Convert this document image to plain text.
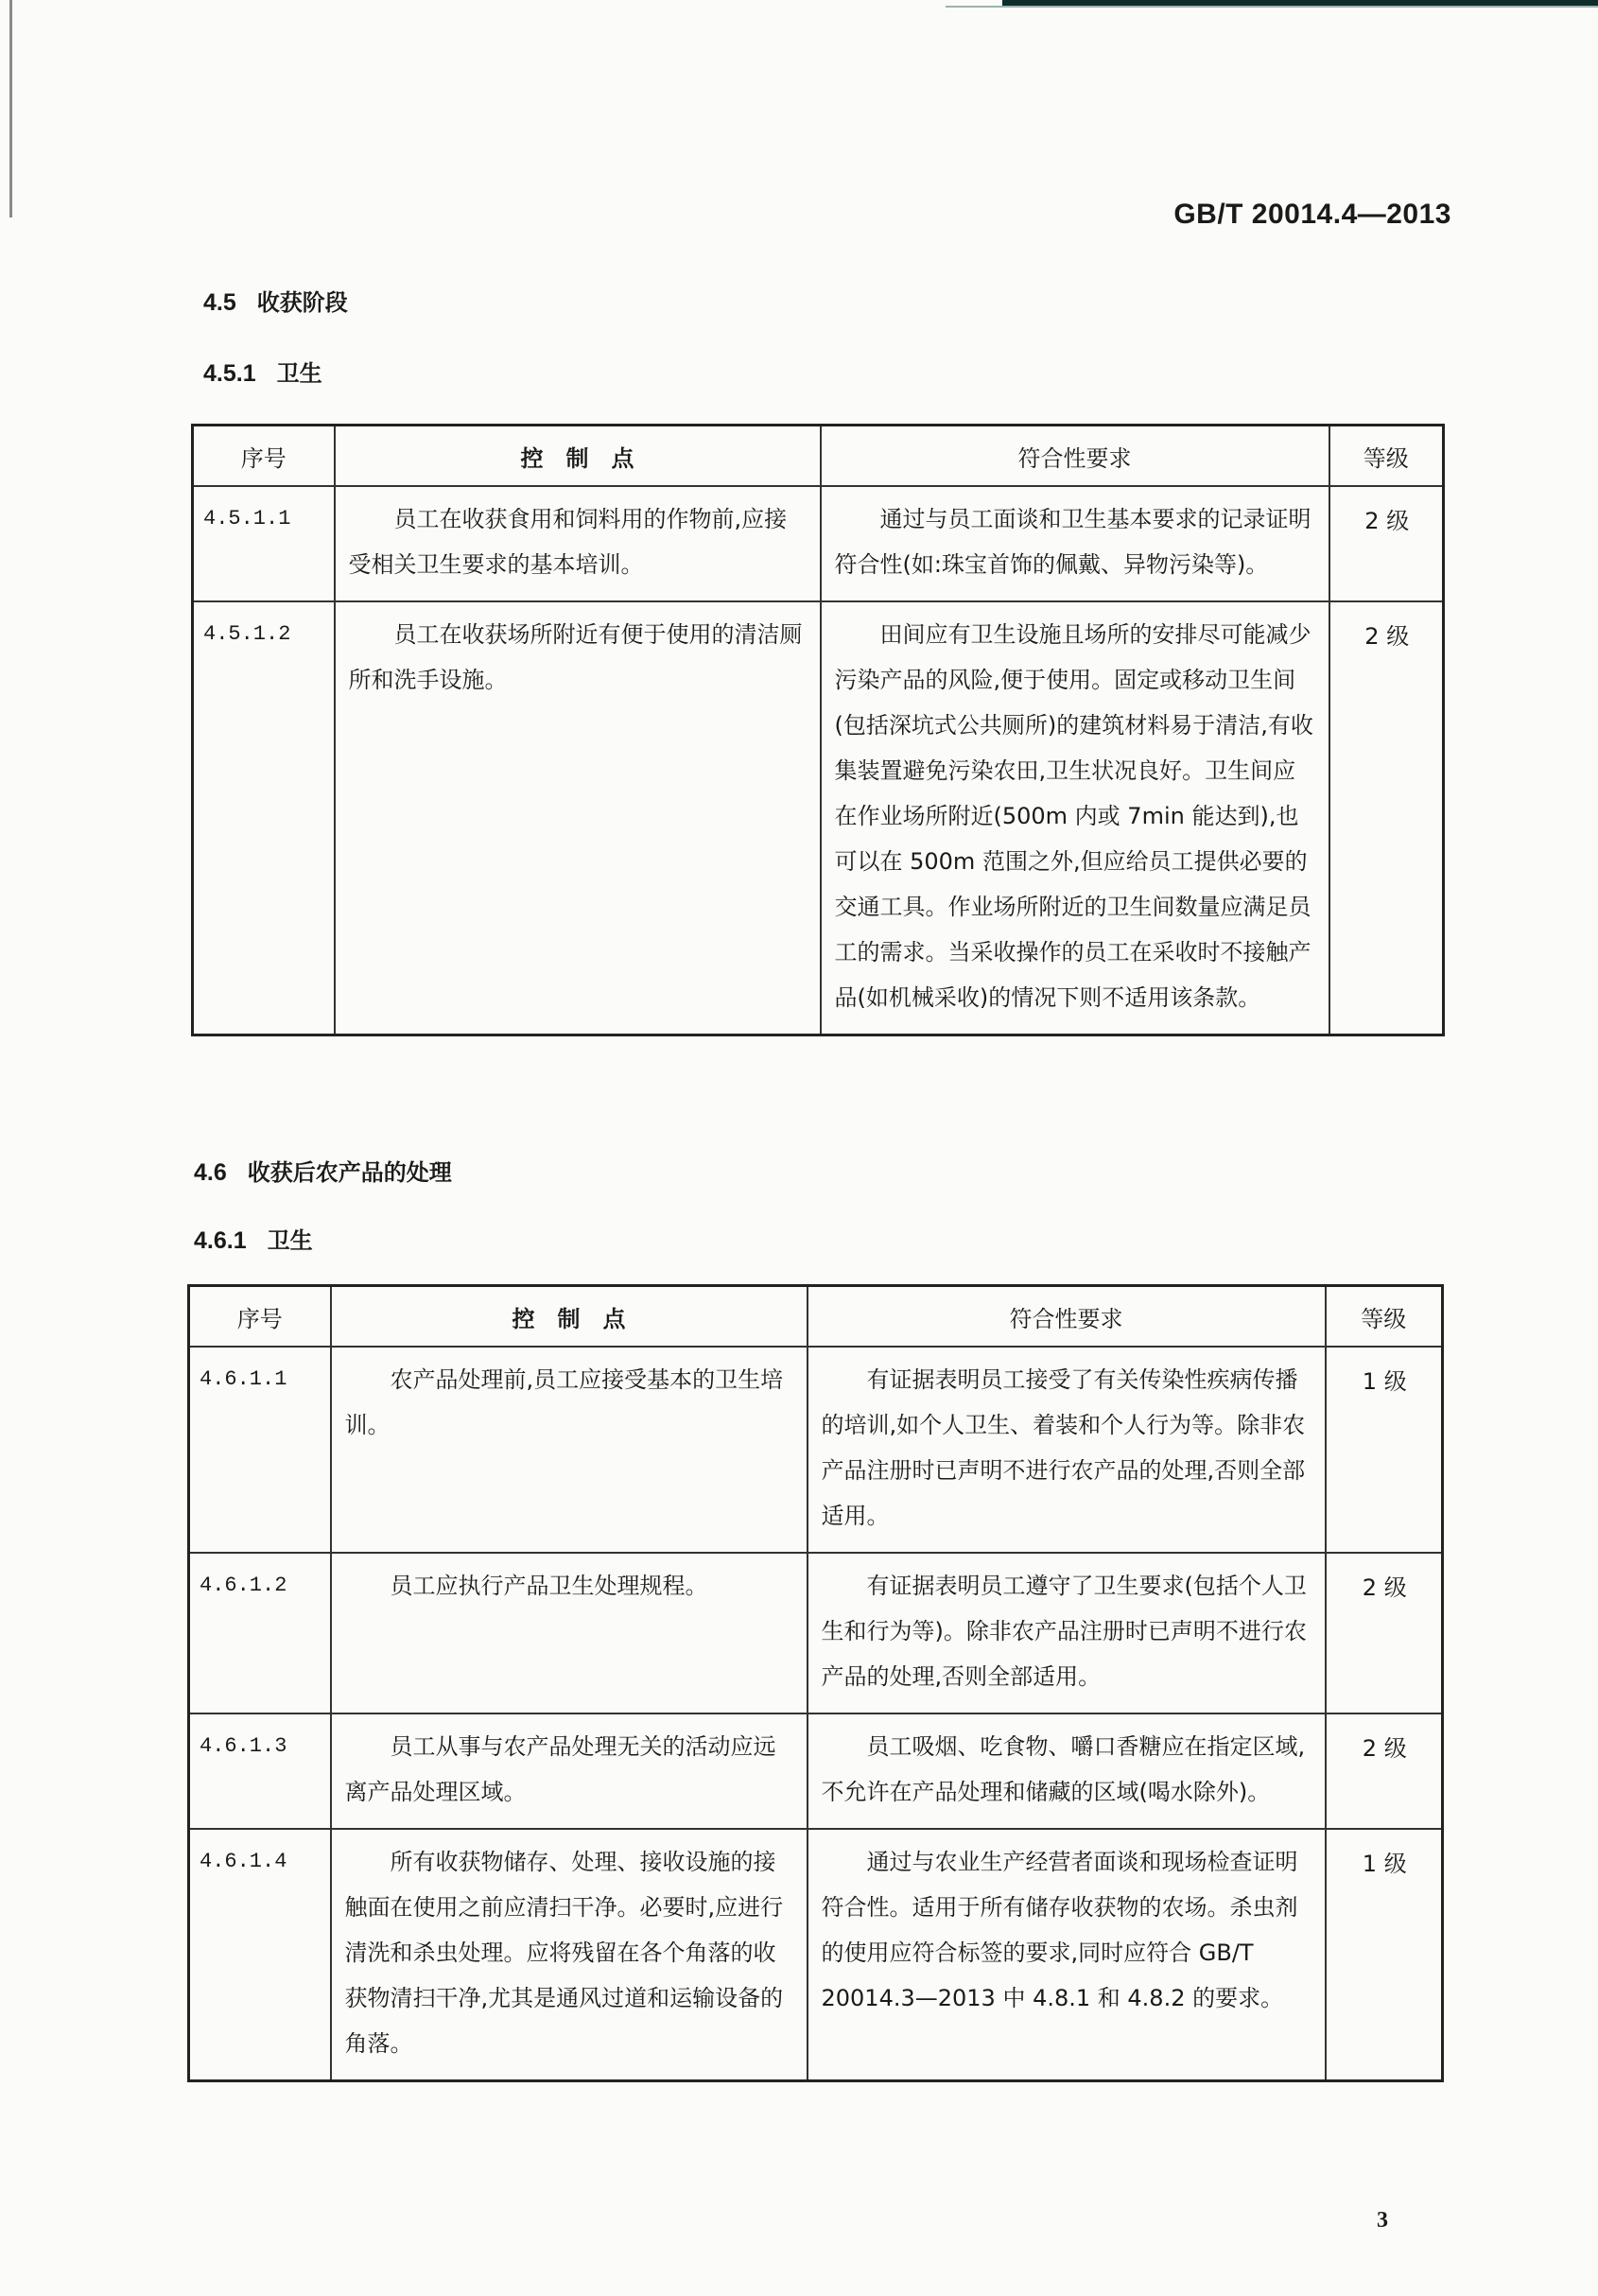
GB/T 20014.4—2013
4.5 收获阶段
4.5.1 卫生
序号	控　制　点	符合性要求	等级
4.5.1.1	员工在收获食用和饲料用的作物前,应接受相关卫生要求的基本培训。	通过与员工面谈和卫生基本要求的记录证明符合性(如:珠宝首饰的佩戴、异物污染等)。	2 级
4.5.1.2	员工在收获场所附近有便于使用的清洁厕所和洗手设施。	田间应有卫生设施且场所的安排尽可能减少污染产品的风险,便于使用。固定或移动卫生间(包括深坑式公共厕所)的建筑材料易于清洁,有收集装置避免污染农田,卫生状况良好。卫生间应在作业场所附近(500m 内或 7min 能达到),也可以在 500m 范围之外,但应给员工提供必要的交通工具。作业场所附近的卫生间数量应满足员工的需求。当采收操作的员工在采收时不接触产品(如机械采收)的情况下则不适用该条款。	2 级
4.6 收获后农产品的处理
4.6.1 卫生
序号	控　制　点	符合性要求	等级
4.6.1.1	农产品处理前,员工应接受基本的卫生培训。	有证据表明员工接受了有关传染性疾病传播的培训,如个人卫生、着装和个人行为等。除非农产品注册时已声明不进行农产品的处理,否则全部适用。	1 级
4.6.1.2	员工应执行产品卫生处理规程。	有证据表明员工遵守了卫生要求(包括个人卫生和行为等)。除非农产品注册时已声明不进行农产品的处理,否则全部适用。	2 级
4.6.1.3	员工从事与农产品处理无关的活动应远离产品处理区域。	员工吸烟、吃食物、嚼口香糖应在指定区域,不允许在产品处理和储藏的区域(喝水除外)。	2 级
4.6.1.4	所有收获物储存、处理、接收设施的接触面在使用之前应清扫干净。必要时,应进行清洗和杀虫处理。应将残留在各个角落的收获物清扫干净,尤其是通风过道和运输设备的角落。	通过与农业生产经营者面谈和现场检查证明符合性。适用于所有储存收获物的农场。杀虫剂的使用应符合标签的要求,同时应符合 GB/T 20014.3—2013 中 4.8.1 和 4.8.2 的要求。	1 级
3
